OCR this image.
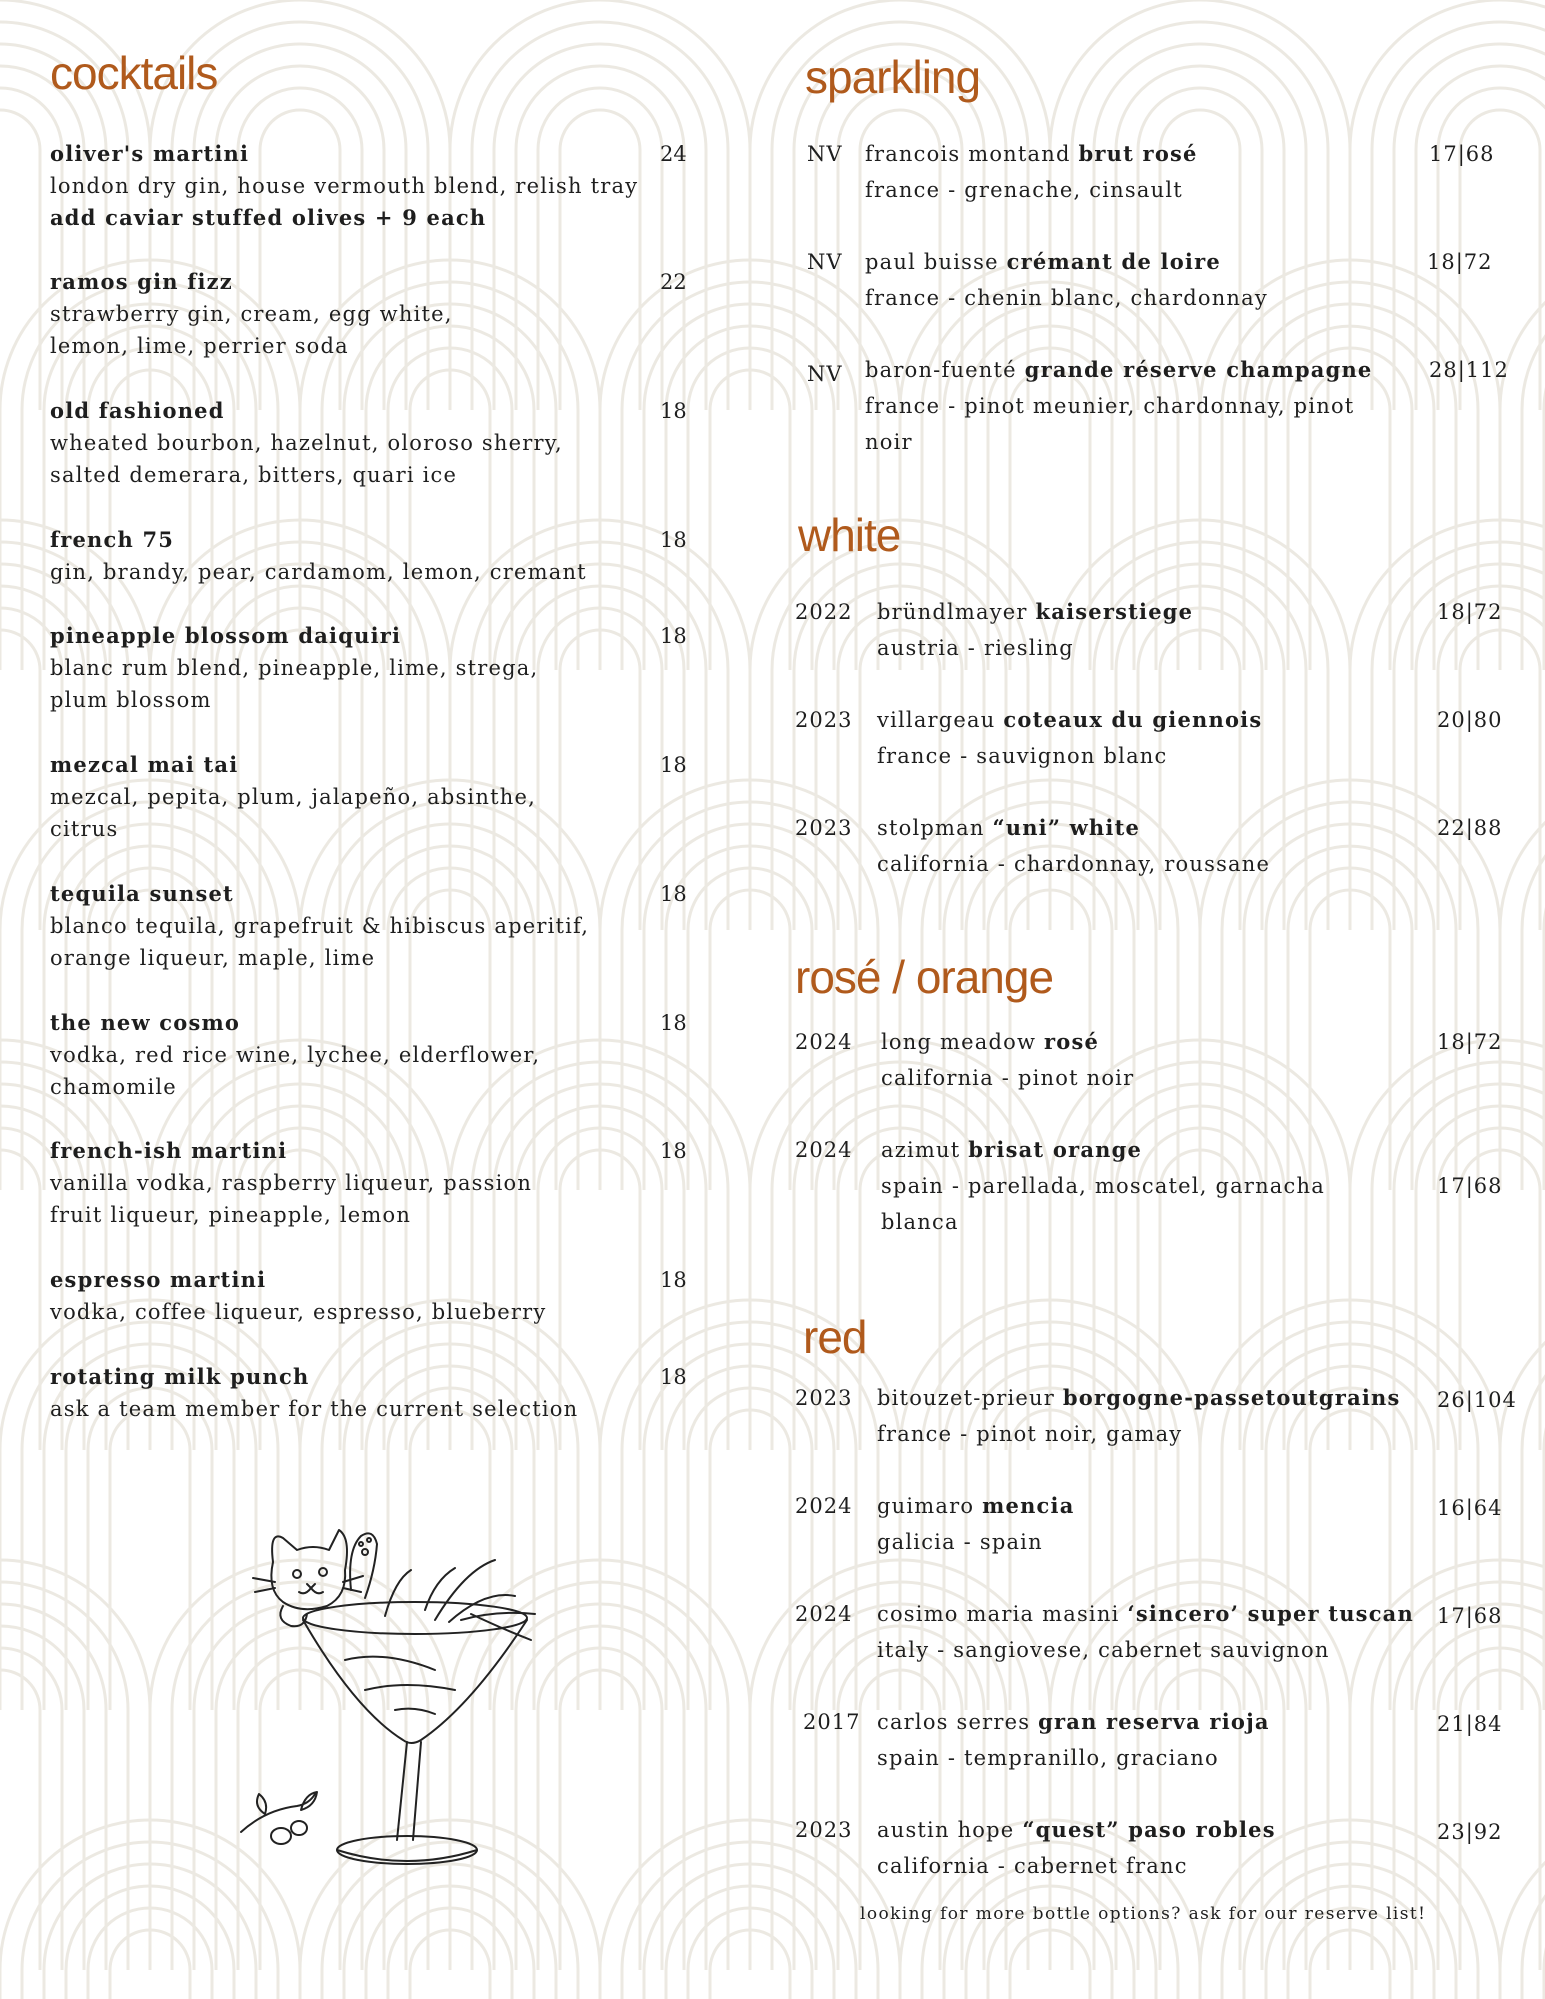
cocktails
oliver's martini
london dry gin, house vermouth blend, relish tray
add caviar stuffed olives + 9 each
24
ramos gin fizz
strawberry gin, cream, egg white, lemon, lime, perrier soda
22
old fashioned
wheated bourbon, hazelnut, oloroso sherry, salted demerara, bitters, quari ice
18
french 75
gin, brandy, pear, cardamom, lemon, cremant
18
pineapple blossom daiquiri
blanc rum blend, pineapple, lime, strega, plum blossom
18
mezcal mai tai
mezcal, pepita, plum, jalapeño, absinthe, citrus
18
tequila sunset
blanco tequila, grapefruit & hibiscus aperitif, orange liqueur, maple, lime
18
the new cosmo
vodka, red rice wine, lychee, elderflower, chamomile
18
french-ish martini
vanilla vodka, raspberry liqueur, passion fruit liqueur, pineapple, lemon
18
espresso martini
vodka, coffee liqueur, espresso, blueberry
18
rotating milk punch
ask a team member for the current selection
18
sparkling
NV francois montand brut rosé
france - grenache, cinsault
17|68
NV paul buisse crémant de loire
france - chenin blanc, chardonnay
18|72
NV baron-fuenté grande réserve champagne
france - pinot meunier, chardonnay, pinot noir
28|112
white
2022 bründlmayer kaiserstiege
austria - riesling
18|72
2023 villargeau coteaux du giennois
france - sauvignon blanc
20|80
2023 stolpman “uni” white
california - chardonnay, roussane
22|88
rosé / orange
2024 long meadow rosé
california - pinot noir
18|72
2024 azimut brisat orange
spain - parellada, moscatel, garnacha blanca
17|68
red
2023 bitouzet-prieur borgogne-passetoutgrains
france - pinot noir, gamay
26|104
2024 guimaro mencia
galicia - spain
16|64
2024 cosimo maria masini ‘sincero’ super tuscan
italy - sangiovese, cabernet sauvignon
17|68
2017 carlos serres gran reserva rioja
spain - tempranillo, graciano
21|84
2023 austin hope “quest” paso robles
california - cabernet franc
23|92

looking for more bottle options? ask for our reserve list!
